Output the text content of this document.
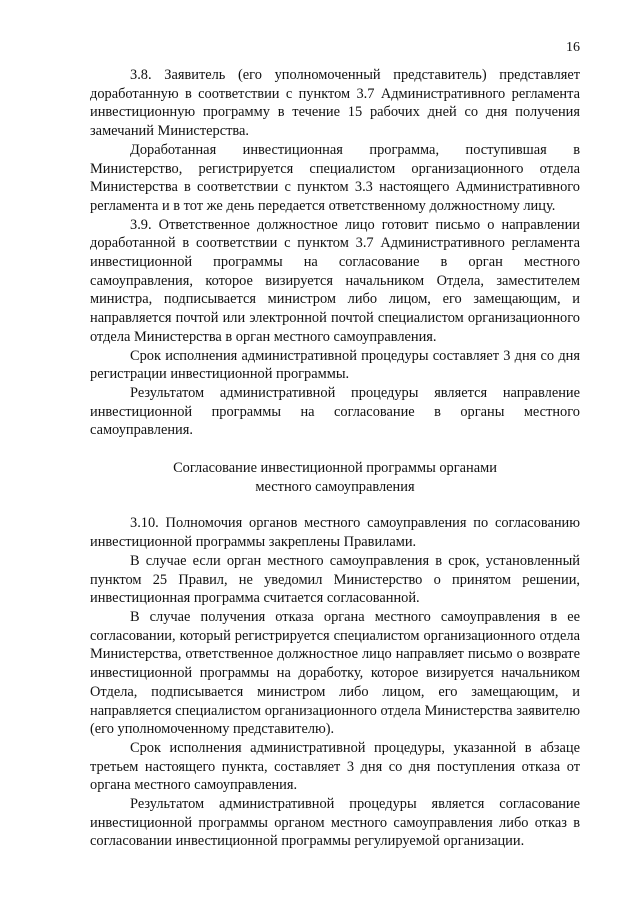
16

3.8. Заявитель (его уполномоченный представитель) представляет доработанную в соответствии с пунктом 3.7 Административного регламента инвестиционную программу в течение 15 рабочих дней со дня получения замечаний Министерства.

Доработанная инвестиционная программа, поступившая в Министерство, регистрируется специалистом организационного отдела Министерства в соответствии с пунктом 3.3 настоящего Административного регламента и в тот же день передается ответственному должностному лицу.

3.9. Ответственное должностное лицо готовит письмо о направлении доработанной в соответствии с пунктом 3.7 Административного регламента инвестиционной программы на согласование в орган местного самоуправления, которое визируется начальником Отдела, заместителем министра, подписывается министром либо лицом, его замещающим, и направляется почтой или электронной почтой специалистом организационного отдела Министерства в орган местного самоуправления.

Срок исполнения административной процедуры составляет 3 дня со дня регистрации инвестиционной программы.

Результатом административной процедуры является направление инвестиционной программы на согласование в органы местного самоуправления.

Согласование инвестиционной программы органами
местного самоуправления

3.10. Полномочия органов местного самоуправления по согласованию инвестиционной программы закреплены Правилами.

В случае если орган местного самоуправления в срок, установленный пунктом 25 Правил, не уведомил Министерство о принятом решении, инвестиционная программа считается согласованной.

В случае получения отказа органа местного самоуправления в ее согласовании, который регистрируется специалистом организационного отдела Министерства, ответственное должностное лицо направляет письмо о возврате инвестиционной программы на доработку, которое визируется начальником Отдела, подписывается министром либо лицом, его замещающим, и направляется специалистом организационного отдела Министерства заявителю (его уполномоченному представителю).

Срок исполнения административной процедуры, указанной в абзаце третьем настоящего пункта, составляет 3 дня со дня поступления отказа от органа местного самоуправления.

Результатом административной процедуры является согласование инвестиционной программы органом местного самоуправления либо отказ в согласовании инвестиционной программы регулируемой организации.
